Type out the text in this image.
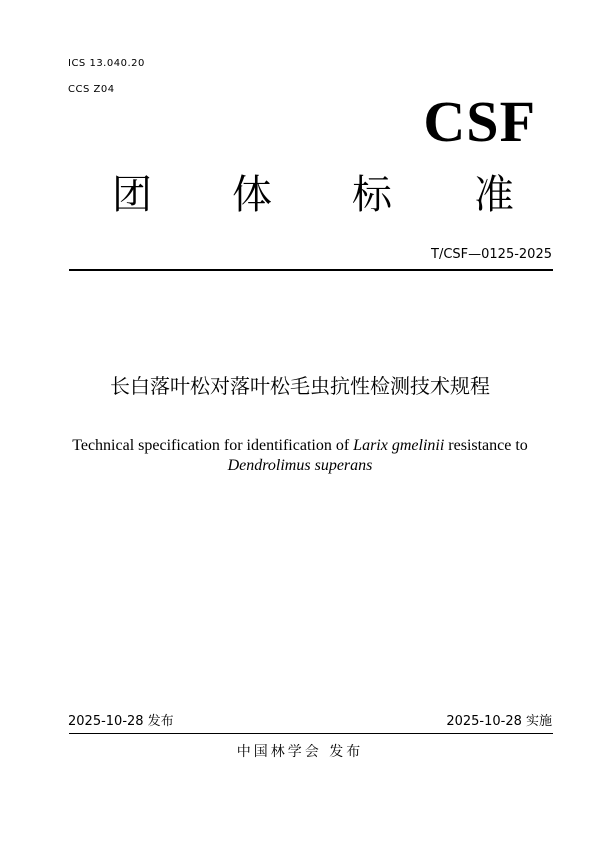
ICS 13.040.20
CCS Z04	CSF
团 体 标 准
T/CSF—0125-2025
长白落叶松对落叶松毛虫抗性检测技术规程
Technical specification for identification of Larix gmelinii resistance to
Dendrolimus superans
2025-10-28 发布	2025-10-28 实施
中国林学会 发布
